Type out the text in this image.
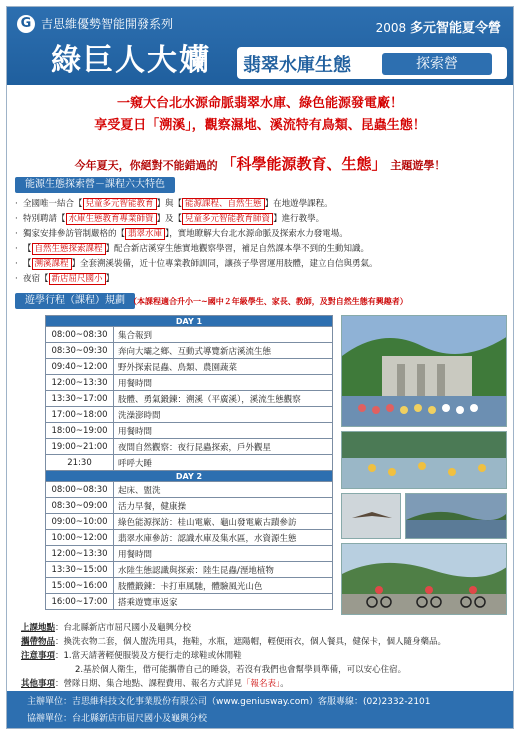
G 吉思維優勢智能開發系列
綠巨人大孏
2008 多元智能夏令營
翡翠水庫生態	探索營
一窺大台北水源命脈翡翠水庫、綠色能源發電廠！
享受夏日「溯溪」，觀察濕地、溪流特有鳥類、昆蟲生態！
今年夏天，你絕對不能錯過的 「科學能源教育、生態」 主題遊學！
能源生態探索營－課程六大特色
· 全國唯一結合【 兒童多元智能教育 】與【 能源課程、自然生態 】在地遊學課程。
· 特別聘請【 水庫生態教育專業師資 】及【 兒童多元智能教育師資 】進行教學。
· 獨家安排參訪管制嚴格的【 翡翠水庫 】，實地瞭解大台北水源命脈及探索水力發電場。
· 【 自然生態探索課程 】配合新店溪穿生態實地觀察學習，補足自然課本學不到的生動知識。
· 【 溯溪課程 】全套溯溪裝備，近十位專業教師訓同，讓孩子學習運用肢體，建立自信與勇氣。
· 夜宿【 新店屈尺國小 】
遊學行程（課程）規劃 （本課程適合升小一~國中２年級學生、家長、教師，及對自然生態有興趣者）
DAY 1	
08:00~08:30	集合報到
08:30~09:30	奔向大壩之鄉、互動式導覽新店溪流生態
09:40~12:00	野外探索昆蟲、鳥類、農園蔬菜
12:00~13:30	用餐時間
13:30~17:00	肢體、勇氣鍛鍊：溯溪（平廣溪），溪流生態觀察
17:00~18:00	洗澡澎時間
18:00~19:00	用餐時間
19:00~21:00	夜間自然觀察：夜行昆蟲探索，戶外觀星
21:30	呼呼大睡
DAY 2	
08:00~08:30	起床、盥洗
08:30~09:00	活力早餐，健康操
09:00~10:00	綠色能源探訪：桂山電廠、龜山發電廠古蹟參訪
10:00~12:00	翡翠水庫參訪：認識水庫及集水區，水資源生態
12:00~13:30	用餐時間
13:30~15:00	水陸生態認識與探索：陸生昆蟲/溼地植物
15:00~16:00	肢體鍛鍊：卡打車風馳，體驗風光山色
16:00~17:00	搭乘遊覽車返家
上課地點：台北縣新店市屈尺國小及龜興分校
攜帶物品：換洗衣物二套，個人盥洗用具，拖鞋，水瓶，遮陽帽，輕便雨衣，個人餐具，健保卡，個人隨身藥品。
注意事項：1.當天請著輕便服裝及方便行走的球鞋或休閒鞋
2.基於個人衛生，借可能攜帶自己的睡袋，若沒有我們也會幫學員準備，可以安心住宿。
其他事項：營隊日期、集合地點、課程費用、報名方式詳見「報名表」。
主辦單位：吉思維科技文化事業股份有限公司（www.geniusway.com）客服專線：(02)2332-2101
協辦單位：台北縣新店市屈尺國小及龜興分校
